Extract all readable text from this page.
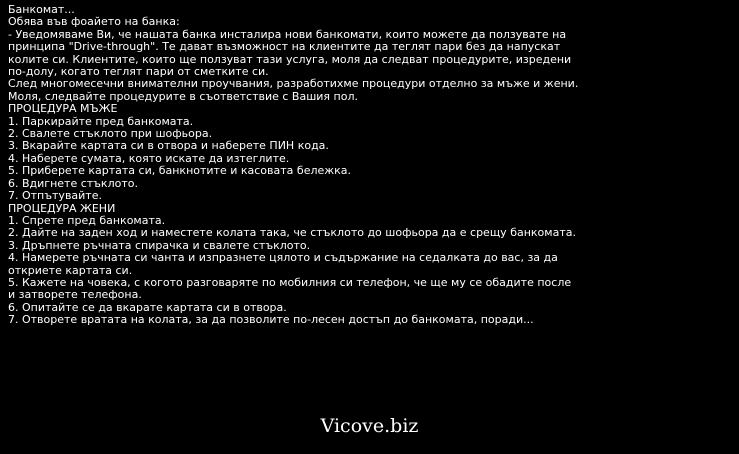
Банкомат...
Обява във фоайето на банка:
- Уведомяваме Ви, че нашата банка инсталира нови банкомати, които можете да ползувате на
принципа "Drive-through". Те дават възможност на клиентите да теглят пари без да напускат
колите си. Клиентите, които ще ползуват тази услуга, моля да следват процедурите, изредени
по-долу, когато теглят пари от сметките си.
След многомесечни внимателни проучвания, разработихме процедури отделно за мъже и жени.
Моля, следвайте процедурите в съответствие с Вашия пол.
ПРОЦЕДУРА МЪЖЕ
1. Паркирайте пред банкомата.
2. Свалете стъклото при шофьора.
3. Вкарайте картата си в отвора и наберете ПИН кода.
4. Наберете сумата, която искате да изтеглите.
5. Приберете картата си, банкнотите и касовата бележка.
6. Вдигнете стъклото.
7. Отпътувайте.
ПРОЦЕДУРА ЖЕНИ
1. Спрете пред банкомата.
2. Дайте на заден ход и наместете колата така, че стъклото до шофьора да е срещу банкомата.
3. Дръпнете ръчната спирачка и свалете стъклото.
4. Намерете ръчната си чанта и изпразнете цялото и съдържание на седалката до вас, за да
откриете картата си.
5. Кажете на човека, с когото разговаряте по мобилния си телефон, че ще му се обадите после
и затворете телефона.
6. Опитайте се да вкарате картата си в отвора.
7. Отворете вратата на колата, за да позволите по-лесен достъп до банкомата, поради...
Vicove.biz
